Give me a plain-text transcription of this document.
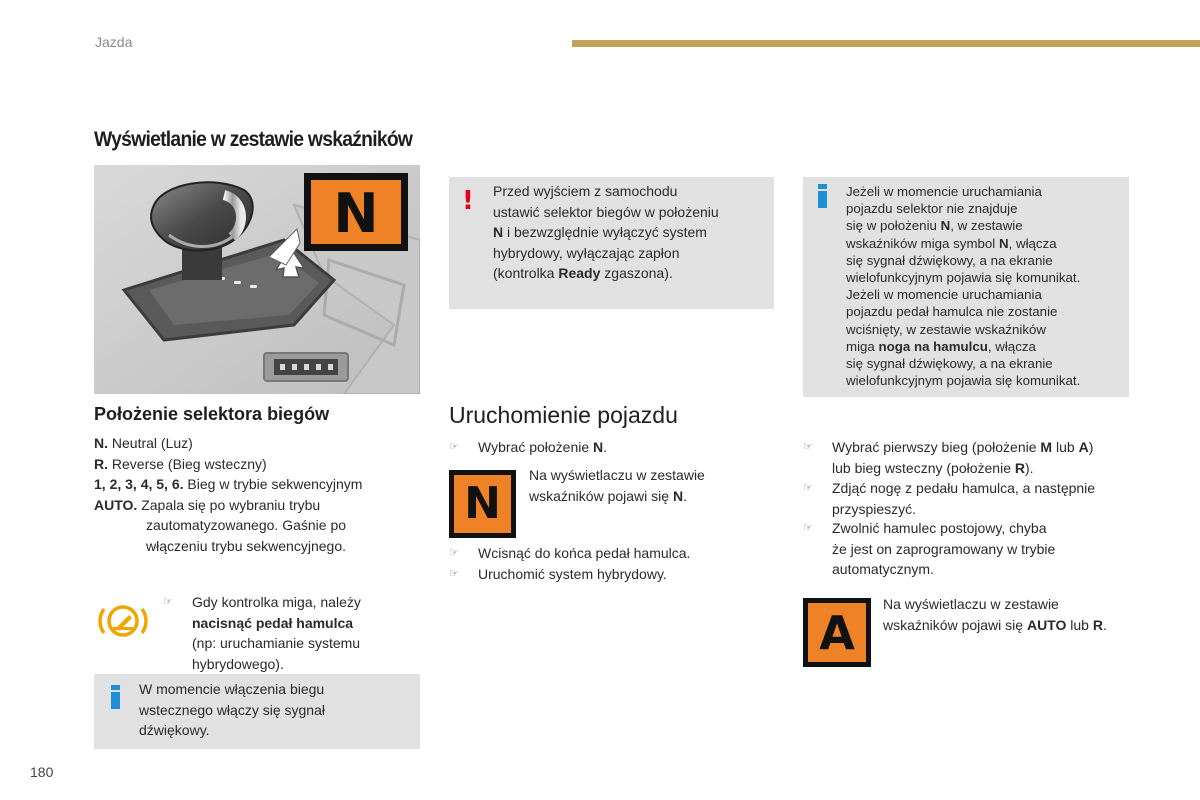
Jazda
Wyświetlanie w zestawie wskaźników
N
Położenie selektora biegów
N. Neutral (Luz)
R. Reverse (Bieg wsteczny)
1, 2, 3, 4, 5, 6. Bieg w trybie sekwencyjnym
AUTO. Zapala się po wybraniu trybu
zautomatyzowanego. Gaśnie po
włączeniu trybu sekwencyjnego.
☞	Gdy kontrolka miga, należy
nacisnąć pedał hamulca
(np: uruchamianie systemu
hybrydowego).
W momencie włączenia biegu
wstecznego włączy się sygnał
dźwiękowy.
! Przed wyjściem z samochodu
ustawić selektor biegów w położeniu
N i bezwzględnie wyłączyć system
hybrydowy, wyłączając zapłon
(kontrolka Ready zgaszona).
Jeżeli w momencie uruchamiania
pojazdu selektor nie znajduje
się w położeniu N, w zestawie
wskaźników miga symbol N, włącza
się sygnał dźwiękowy, a na ekranie
wielofunkcyjnym pojawia się komunikat.
Jeżeli w momencie uruchamiania
pojazdu pedał hamulca nie zostanie
wciśnięty, w zestawie wskaźników
miga noga na hamulcu, włącza
się sygnał dźwiękowy, a na ekranie
wielofunkcyjnym pojawia się komunikat.
Uruchomienie pojazdu
☞	Wybrać położenie N.
N
Na wyświetlaczu w zestawie
wskaźników pojawi się N.
☞	Wcisnąć do końca pedał hamulca.
☞	Uruchomić system hybrydowy.
☞	Wybrać pierwszy bieg (położenie M lub A)
lub bieg wsteczny (położenie R).
☞	Zdjąć nogę z pedału hamulca, a następnie
przyspieszyć.
☞	Zwolnić hamulec postojowy, chyba
że jest on zaprogramowany w trybie
automatycznym.
A
Na wyświetlaczu w zestawie
wskaźników pojawi się AUTO lub R.
180
